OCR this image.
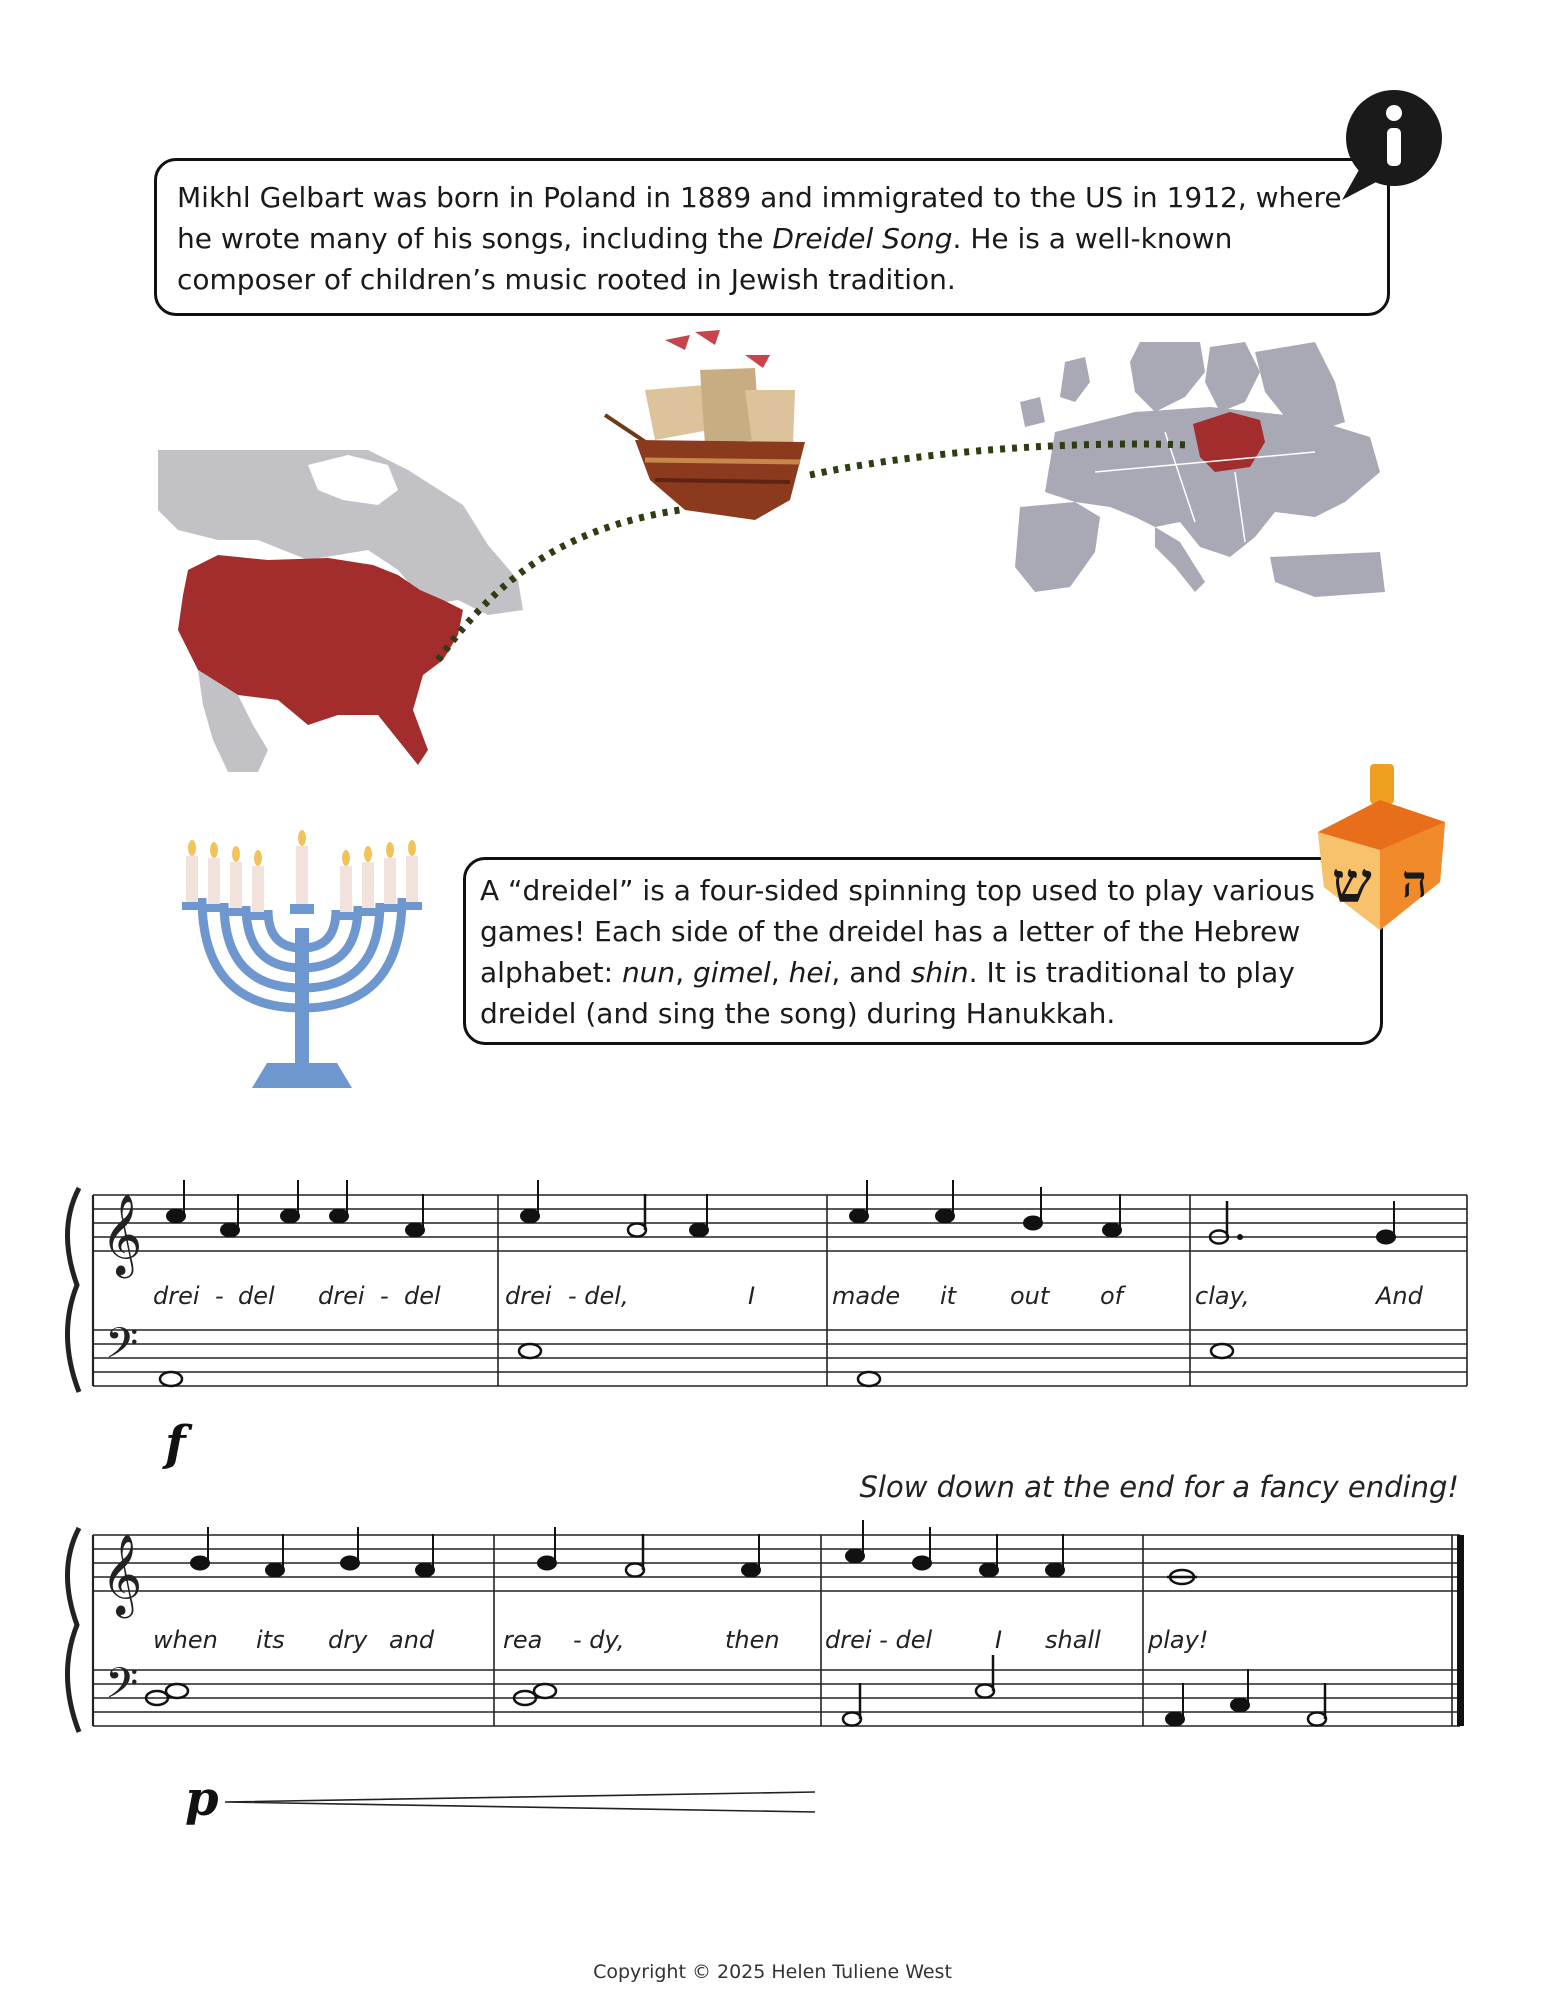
Mikhl Gelbart was born in Poland in 1889 and immigrated to the US in 1912, where he wrote many of his songs, including the Dreidel Song. He is a well-known composer of children’s music rooted in Jewish tradition.
A “dreidel” is a four-sided spinning top used to play various games! Each side of the dreidel has a letter of the Hebrew alphabet: nun, gimel, hei, and shin. It is traditional to play dreidel (and sing the song) during Hanukkah.
ש ה
𝄞
𝄢
f
drei - del drei - del	drei - del,	I	made it out of	clay,	And
Slow down at the end for a fancy ending!
𝄞
𝄢
p
when its dry and	rea - dy,	then drei - del	I shall play!
Copyright © 2025 Helen Tuliene West
